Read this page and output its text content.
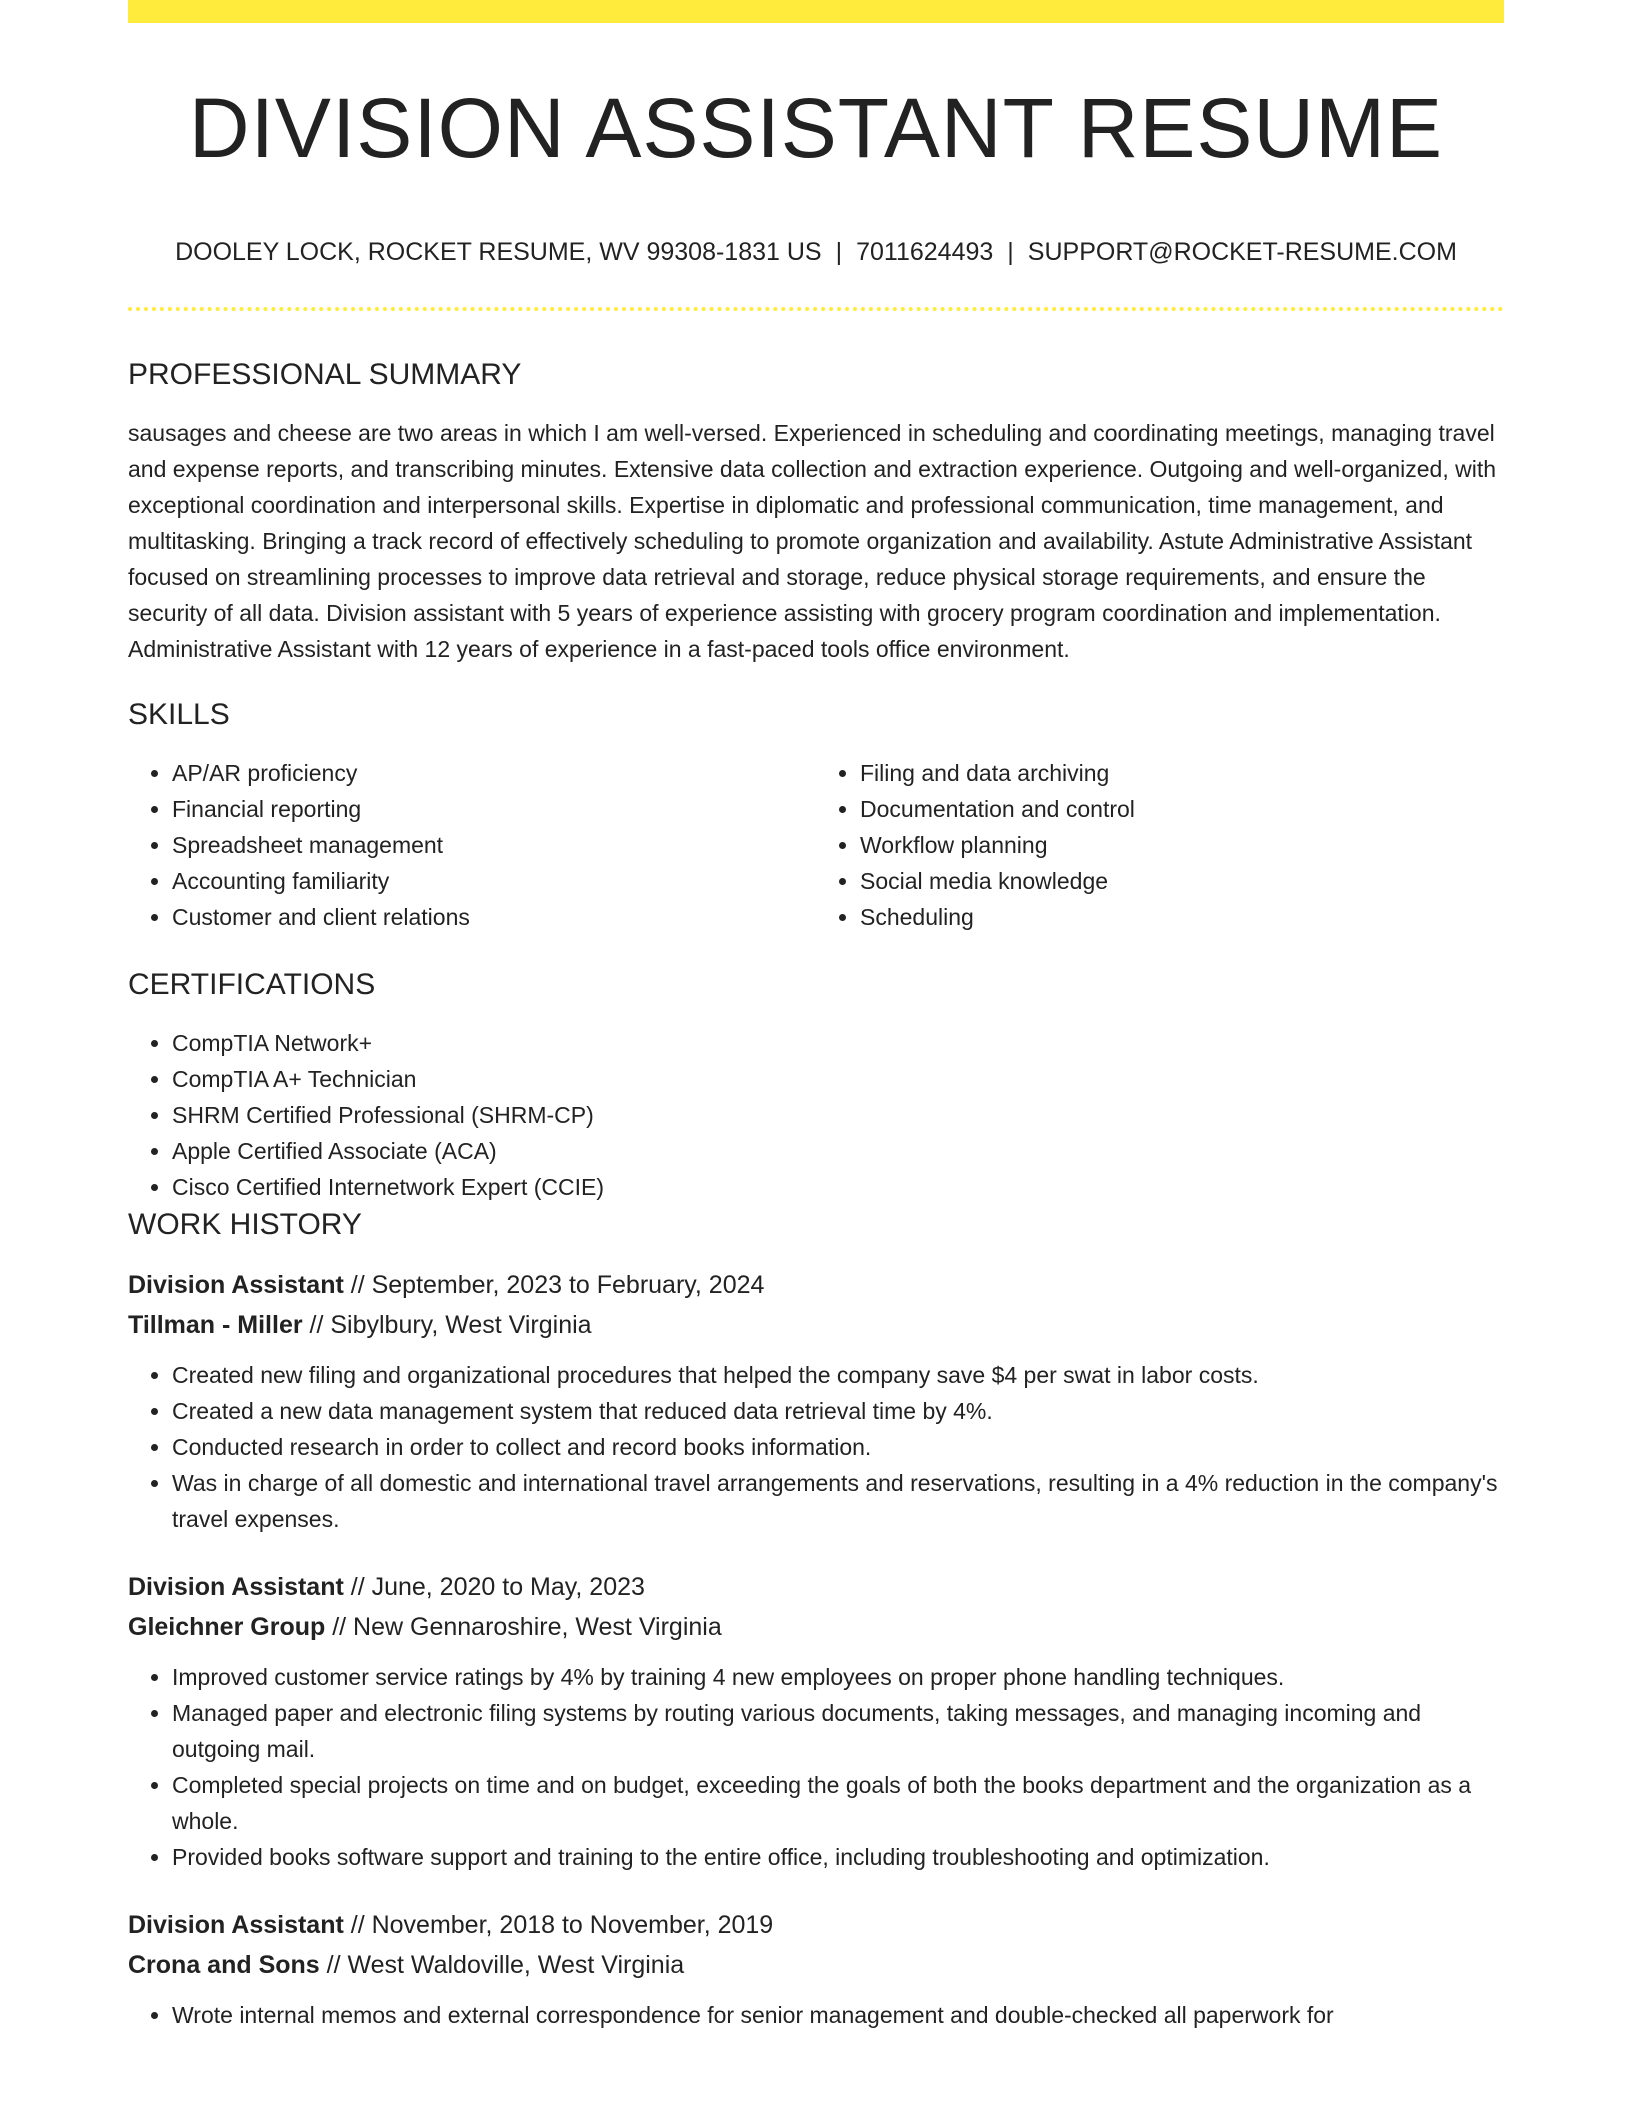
DIVISION ASSISTANT RESUME
DOOLEY LOCK, ROCKET RESUME, WV 99308-1831 US | 7011624493 | SUPPORT@ROCKET-RESUME.COM
PROFESSIONAL SUMMARY

sausages and cheese are two areas in which I am well-versed. Experienced in scheduling and coordinating meetings, managing travel and expense reports, and transcribing minutes. Extensive data collection and extraction experience. Outgoing and well-organized, with exceptional coordination and interpersonal skills. Expertise in diplomatic and professional communication, time management, and multitasking. Bringing a track record of effectively scheduling to promote organization and availability. Astute Administrative Assistant focused on streamlining processes to improve data retrieval and storage, reduce physical storage requirements, and ensure the security of all data. Division assistant with 5 years of experience assisting with grocery program coordination and implementation. Administrative Assistant with 12 years of experience in a fast-paced tools office environment.

SKILLS
• AP/AR proficiency
• Financial reporting
• Spreadsheet management
• Accounting familiarity
• Customer and client relations
• Filing and data archiving
• Documentation and control
• Workflow planning
• Social media knowledge
• Scheduling
CERTIFICATIONS
• CompTIA Network+
• CompTIA A+ Technician
• SHRM Certified Professional (SHRM-CP)
• Apple Certified Associate (ACA)
• Cisco Certified Internetwork Expert (CCIE)
WORK HISTORY
Division Assistant // September, 2023 to February, 2024
Tillman - Miller // Sibylbury, West Virginia
• Created new filing and organizational procedures that helped the company save $4 per swat in labor costs.
• Created a new data management system that reduced data retrieval time by 4%.
• Conducted research in order to collect and record books information.
• Was in charge of all domestic and international travel arrangements and reservations, resulting in a 4% reduction in the company's travel expenses.
Division Assistant // June, 2020 to May, 2023
Gleichner Group // New Gennaroshire, West Virginia
• Improved customer service ratings by 4% by training 4 new employees on proper phone handling techniques.
• Managed paper and electronic filing systems by routing various documents, taking messages, and managing incoming and outgoing mail.
• Completed special projects on time and on budget, exceeding the goals of both the books department and the organization as a whole.
• Provided books software support and training to the entire office, including troubleshooting and optimization.
Division Assistant // November, 2018 to November, 2019
Crona and Sons // West Waldoville, West Virginia
• Wrote internal memos and external correspondence for senior management and double-checked all paperwork for
